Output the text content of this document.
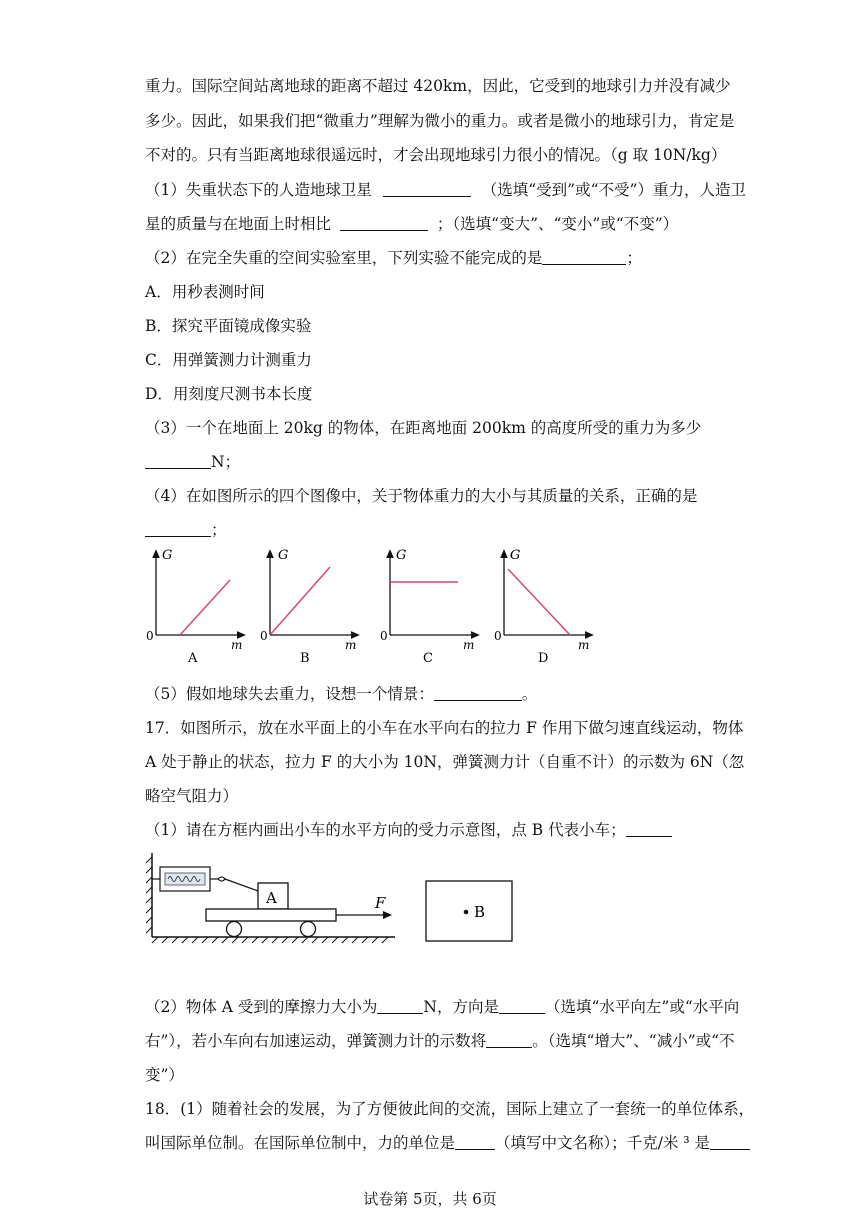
重力。国际空间站离地球的距离不超过 420km，因此，它受到的地球引力并没有减少
多少。因此，如果我们把“微重力”理解为微小的重力。或者是微小的地球引力，肯定是
不对的。只有当距离地球很遥远时，才会出现地球引力很小的情况。（g 取 10N/kg）
（1）失重状态下的人造地球卫星	（选填“受到”或“不受”）重力，人造卫
星的质量与在地面上时相比	；（选填“变大”、“变小”或“不变”）
（2）在完全失重的空间实验室里，下列实验不能完成的是	；
A．用秒表测时间
B．探究平面镜成像实验
C．用弹簧测力计测重力
D．用刻度尺测书本长度
（3）一个在地面上 20kg 的物体，在距离地面 200km 的高度所受的重力为多少
N；
（4）在如图所示的四个图像中，关于物体重力的大小与其质量的关系，正确的是
；
G
0
m
A
G
0
m
B
G
0
m
C
G
0
m
D
（5）假如地球失去重力，设想一个情景：	。
17．如图所示，放在水平面上的小车在水平向右的拉力 F 作用下做匀速直线运动，物体
A 处于静止的状态，拉力 F 的大小为 10N，弹簧测力计（自重不计）的示数为 6N（忽
略空气阻力）
（1）请在方框内画出小车的水平方向的受力示意图，点 B 代表小车；
A	F	B
（2）物体 A 受到的摩擦力大小为	N，方向是	（选填“水平向左”或“水平向
右”），若小车向右加速运动，弹簧测力计的示数将	。（选填“增大”、“减小”或“不
变”）
18．(1）随着社会的发展，为了方便彼此间的交流，国际上建立了一套统一的单位体系，
叫国际单位制。在国际单位制中，力的单位是	（填写中文名称）；千克/米 ³ 是
试卷第 5页，共 6页
